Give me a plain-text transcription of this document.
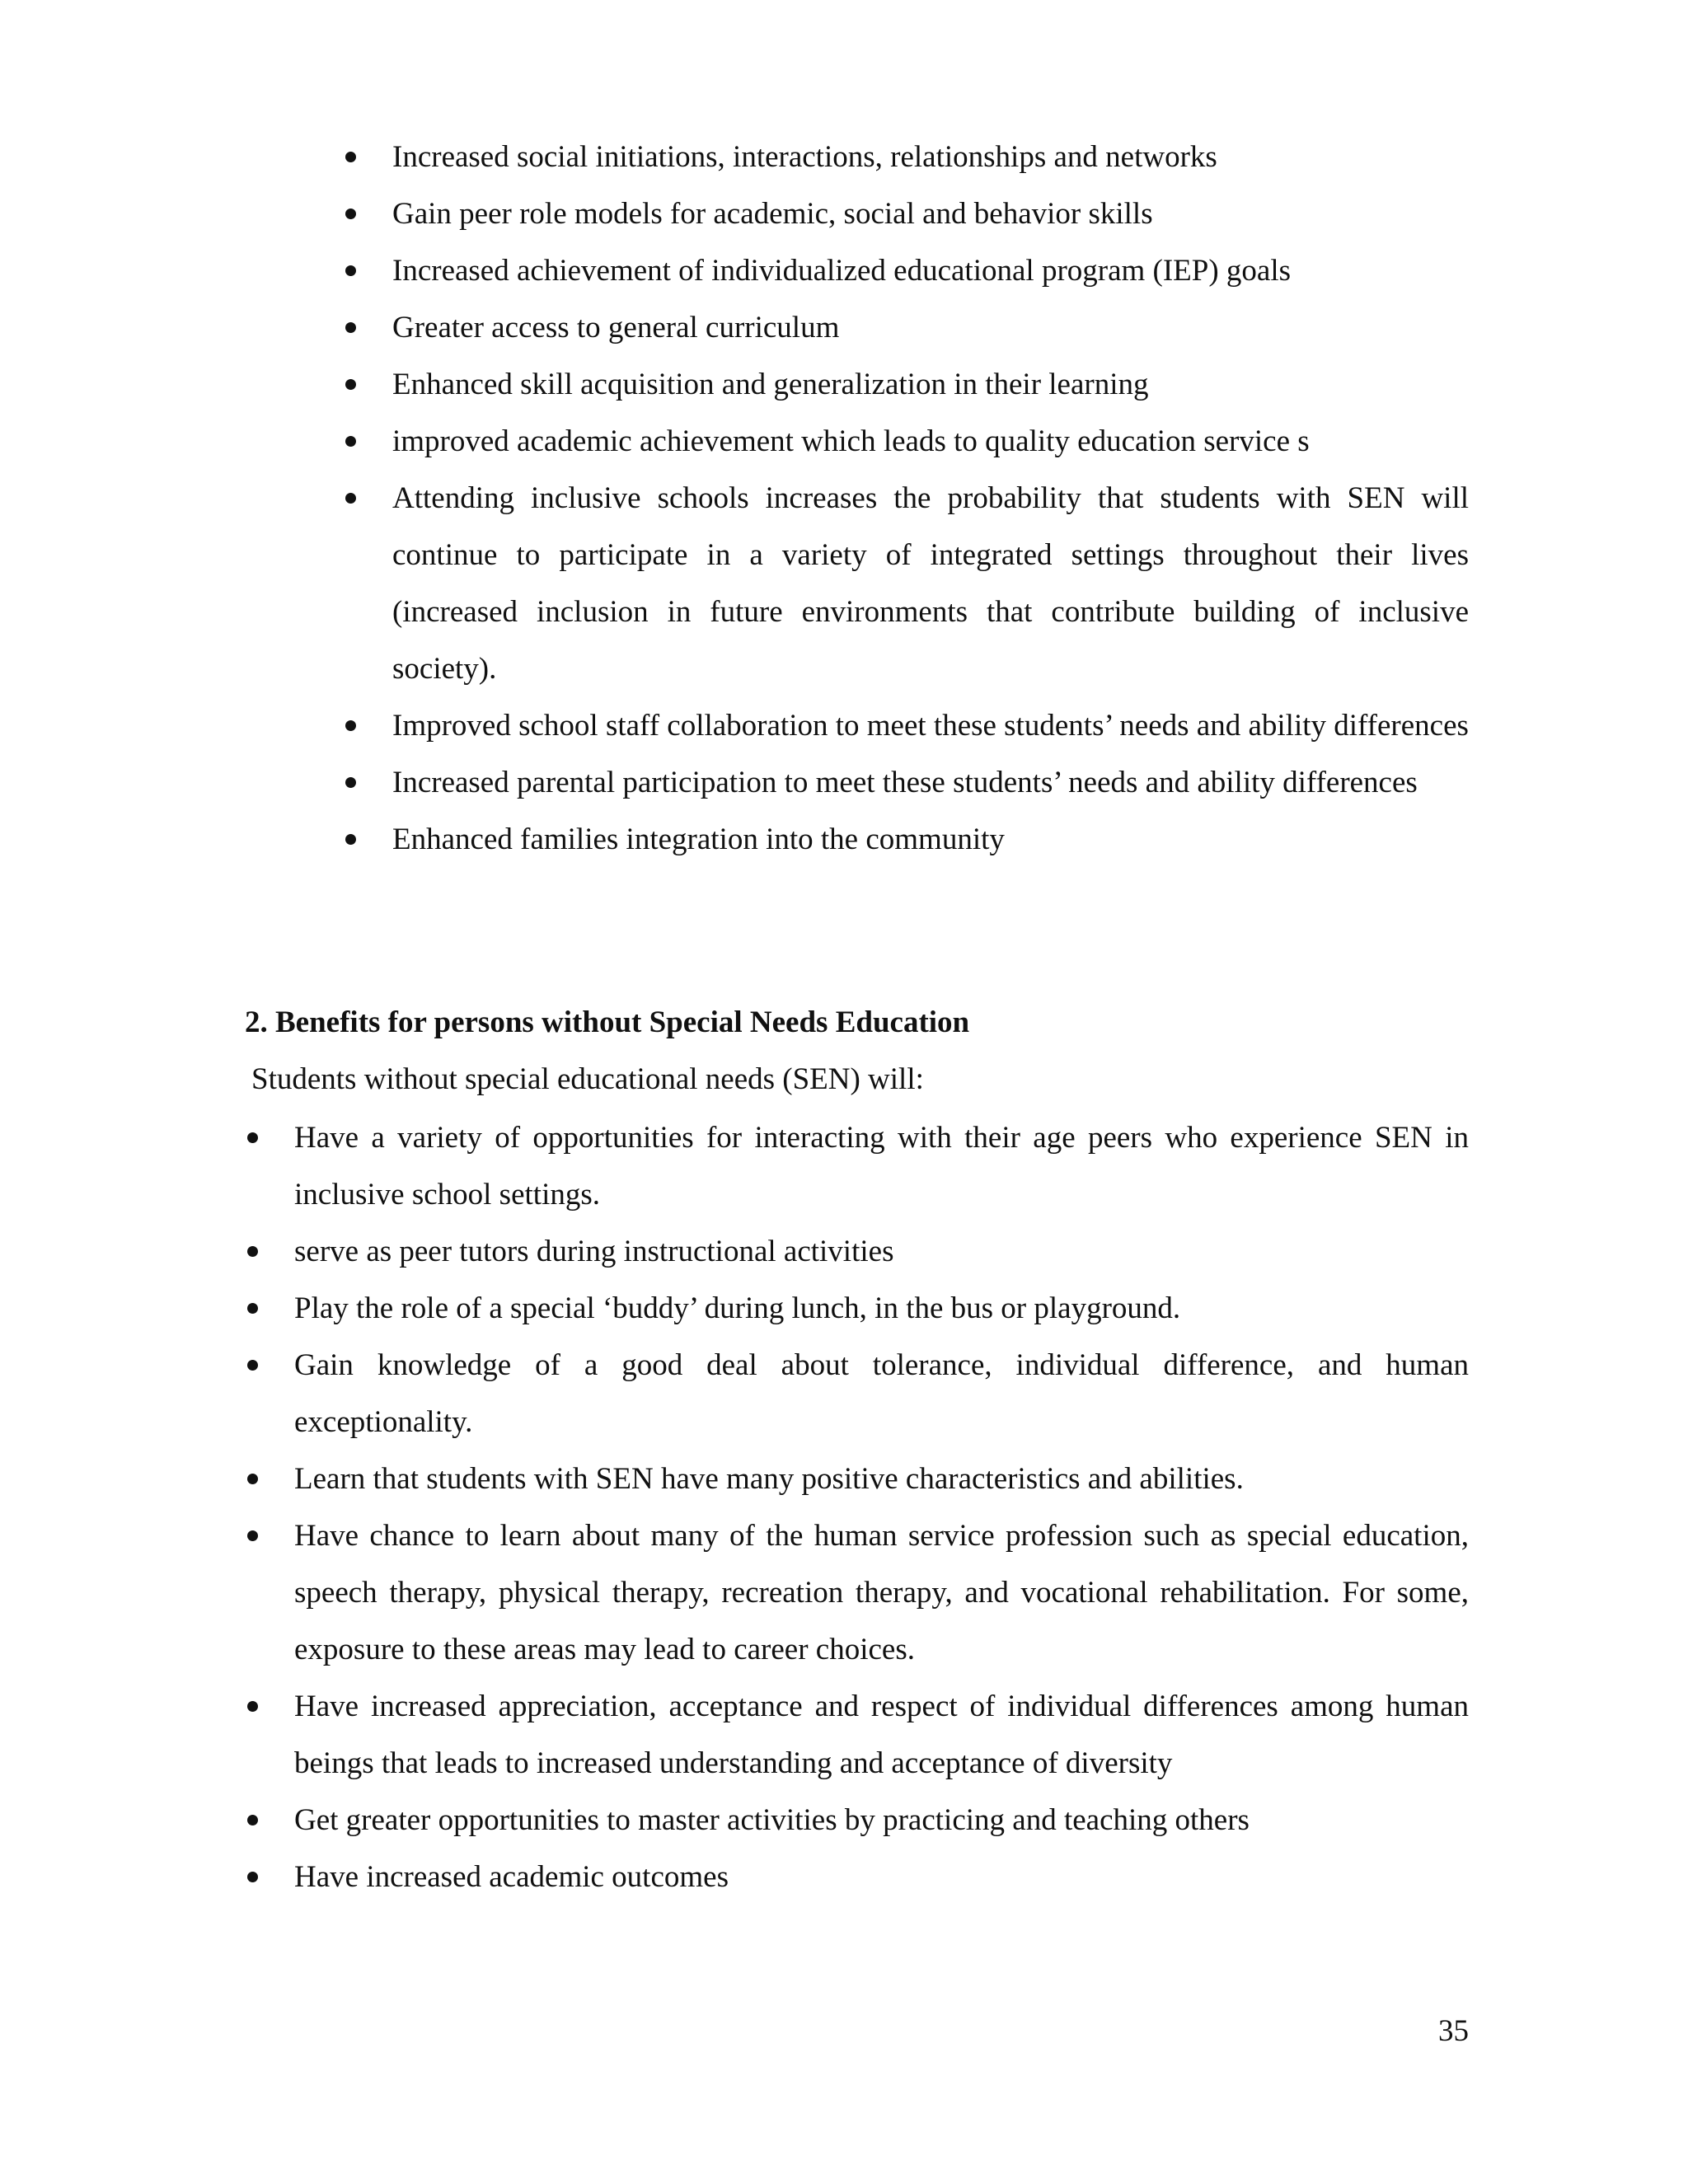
Increased social initiations, interactions, relationships and networks
Gain peer role models for academic, social and behavior skills
Increased achievement of individualized educational program (IEP) goals
Greater access to general curriculum
Enhanced skill acquisition and generalization in their learning
improved academic achievement which leads to quality education service s
Attending inclusive schools increases the probability that students with SEN will continue to participate in a variety of integrated settings throughout their lives (increased inclusion in future environments that contribute building of inclusive society).
Improved school staff collaboration to meet these students’ needs and ability differences
Increased parental participation to meet these students’ needs and ability differences
Enhanced families integration into the community
2. Benefits for persons without Special Needs Education

Students without special educational needs (SEN) will:

Have a variety of opportunities for interacting with their age peers who experience SEN in inclusive school settings.
serve as peer tutors during instructional activities
Play the role of a special ‘buddy’ during lunch, in the bus or playground.
Gain knowledge of a good deal about tolerance, individual difference, and human exceptionality.
Learn that students with SEN have many positive characteristics and abilities.
Have chance to learn about many of the human service profession such as special education, speech therapy, physical therapy, recreation therapy, and vocational rehabilitation. For some, exposure to these areas may lead to career choices.
Have increased appreciation, acceptance and respect of individual differences among human beings that leads to increased understanding and acceptance of diversity
Get greater opportunities to master activities by practicing and teaching others
Have increased academic outcomes

35
